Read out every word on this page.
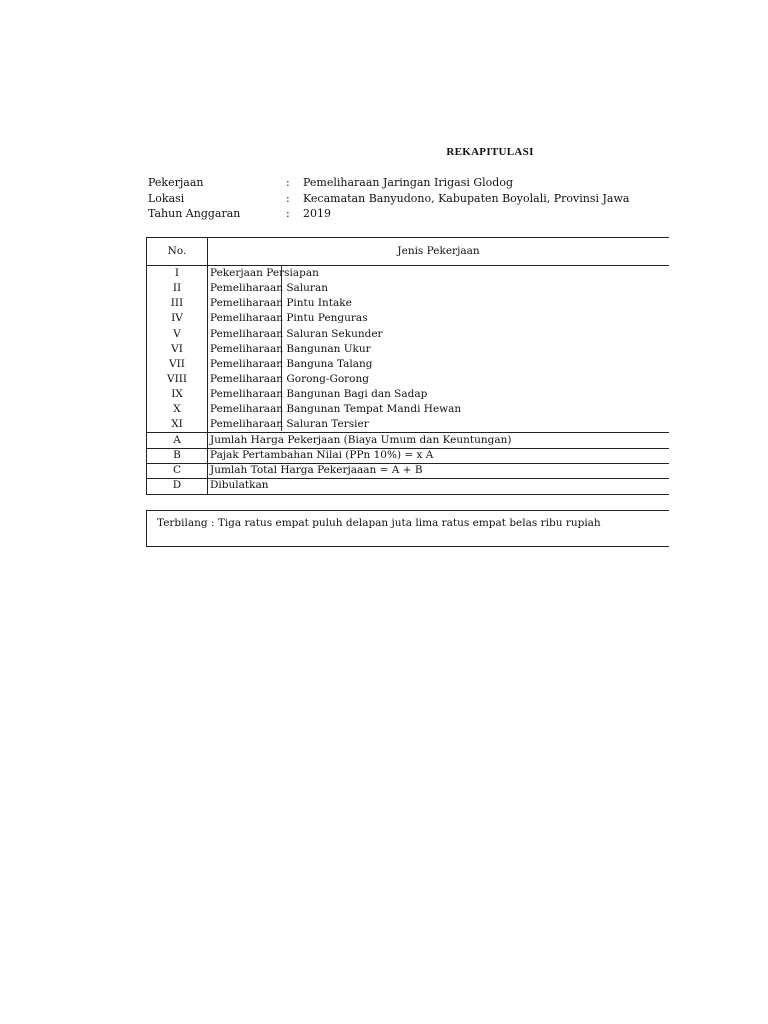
REKAPITULASI
Pekerjaan	: Pemeliharaan Jaringan Irigasi Glodog
Lokasi	: Kecamatan Banyudono, Kabupaten Boyolali, Provinsi Jawa
Tahun Anggaran	: 2019
No.	Jenis Pekerjaan
I	Pekerjaan Persiapan
II	Pemeliharaan Saluran
III	Pemeliharaan Pintu Intake
IV	Pemeliharaan Pintu Penguras
V	Pemeliharaan Saluran Sekunder
VI	Pemeliharaan Bangunan Ukur
VII	Pemeliharaan Banguna Talang
VIII	Pemeliharaan Gorong-Gorong
IX	Pemeliharaan Bangunan Bagi dan Sadap
X	Pemeliharaan Bangunan Tempat Mandi Hewan
XI	Pemeliharaan Saluran Tersier
A	Jumlah Harga Pekerjaan (Biaya Umum dan Keuntungan)
B	Pajak Pertambahan Nilai (PPn 10%) = x A
C	Jumlah Total Harga Pekerjaaan = A + B
D	Dibulatkan
Terbilang : Tiga ratus empat puluh delapan juta lima ratus empat belas ribu rupiah
